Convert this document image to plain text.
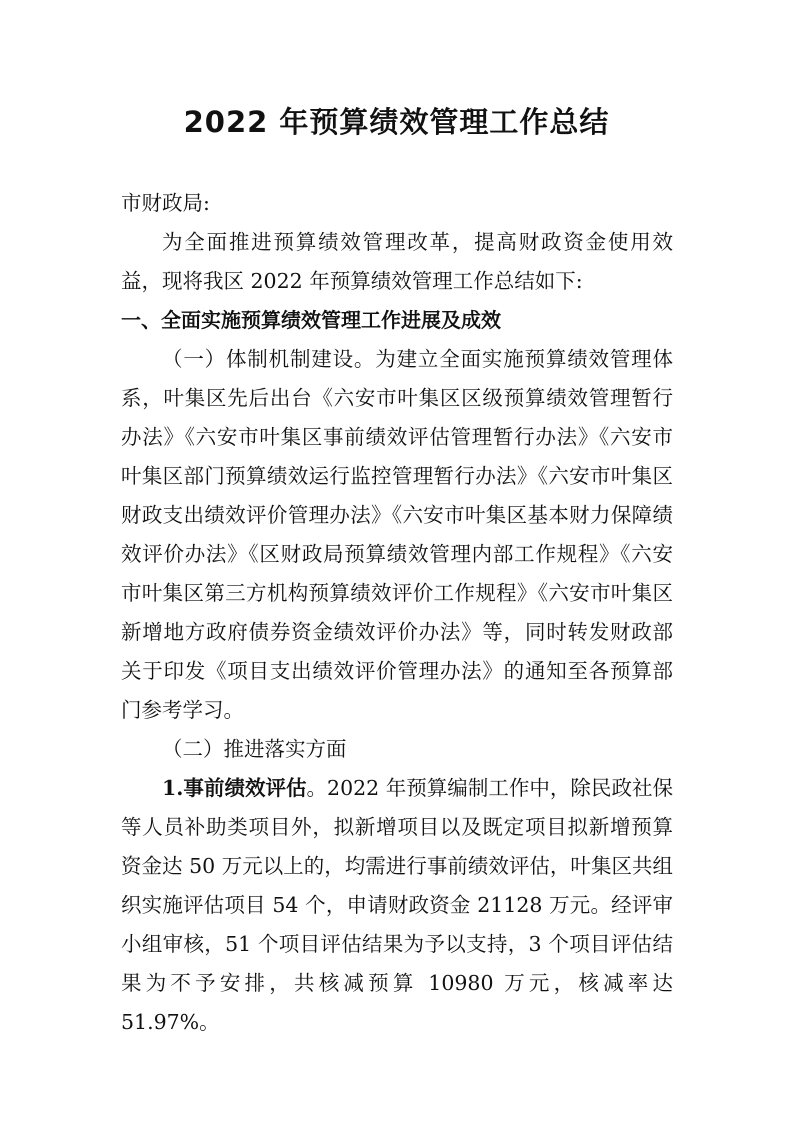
2022 年预算绩效管理工作总结

市财政局:

为全面推进预算绩效管理改革，提高财政资金使用效益，现将我区 2022 年预算绩效管理工作总结如下:

一、全面实施预算绩效管理工作进展及成效

（一）体制机制建设。为建立全面实施预算绩效管理体系，叶集区先后出台《六安市叶集区区级预算绩效管理暂行办法》《六安市叶集区事前绩效评估管理暂行办法》《六安市叶集区部门预算绩效运行监控管理暂行办法》《六安市叶集区财政支出绩效评价管理办法》《六安市叶集区基本财力保障绩效评价办法》《区财政局预算绩效管理内部工作规程》《六安市叶集区第三方机构预算绩效评价工作规程》《六安市叶集区新增地方政府债券资金绩效评价办法》等，同时转发财政部关于印发《项目支出绩效评价管理办法》的通知至各预算部门参考学习。

（二）推进落实方面

1.事前绩效评估。2022 年预算编制工作中，除民政社保等人员补助类项目外，拟新增项目以及既定项目拟新增预算资金达 50 万元以上的，均需进行事前绩效评估，叶集区共组织实施评估项目 54 个，申请财政资金 21128 万元。经评审小组审核，51 个项目评估结果为予以支持，3 个项目评估结果为不予安排，共核减预算 10980 万元，核减率达 51.97%。
